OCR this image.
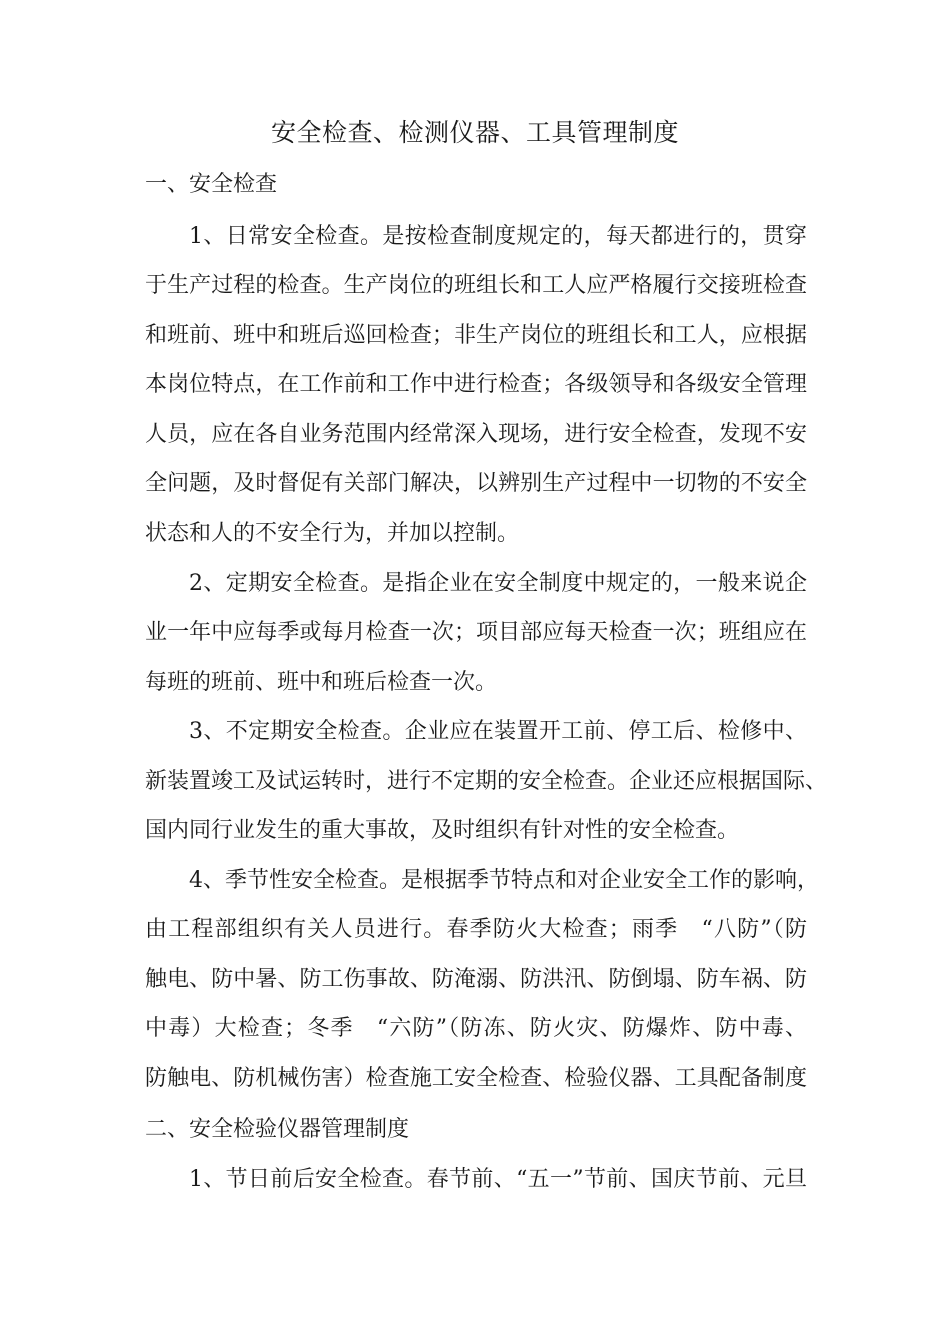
安全检查、检测仪器、工具管理制度
一、安全检查
1、日常安全检查。是按检查制度规定的，每天都进行的，贯穿
于生产过程的检查。生产岗位的班组长和工人应严格履行交接班检查
和班前、班中和班后巡回检查；非生产岗位的班组长和工人，应根据
本岗位特点，在工作前和工作中进行检查；各级领导和各级安全管理
人员，应在各自业务范围内经常深入现场，进行安全检查，发现不安
全问题，及时督促有关部门解决，以辨别生产过程中一切物的不安全
状态和人的不安全行为，并加以控制。
2、定期安全检查。是指企业在安全制度中规定的，一般来说企
业一年中应每季或每月检查一次；项目部应每天检查一次；班组应在
每班的班前、班中和班后检查一次。
3、不定期安全检查。企业应在装置开工前、停工后、检修中、
新装置竣工及试运转时，进行不定期的安全检查。企业还应根据国际、
国内同行业发生的重大事故，及时组织有针对性的安全检查。
4、季节性安全检查。是根据季节特点和对企业安全工作的影响，
由工程部组织有关人员进行。春季防火大检查；雨季　“八防”（防
触电、防中暑、防工伤事故、防淹溺、防洪汛、防倒塌、防车祸、防
中毒）大检查；冬季　“六防”（防冻、防火灾、防爆炸、防中毒、
防触电、防机械伤害）检查施工安全检查、检验仪器、工具配备制度
二、安全检验仪器管理制度
1、节日前后安全检查。春节前、“五一”节前、国庆节前、元旦
